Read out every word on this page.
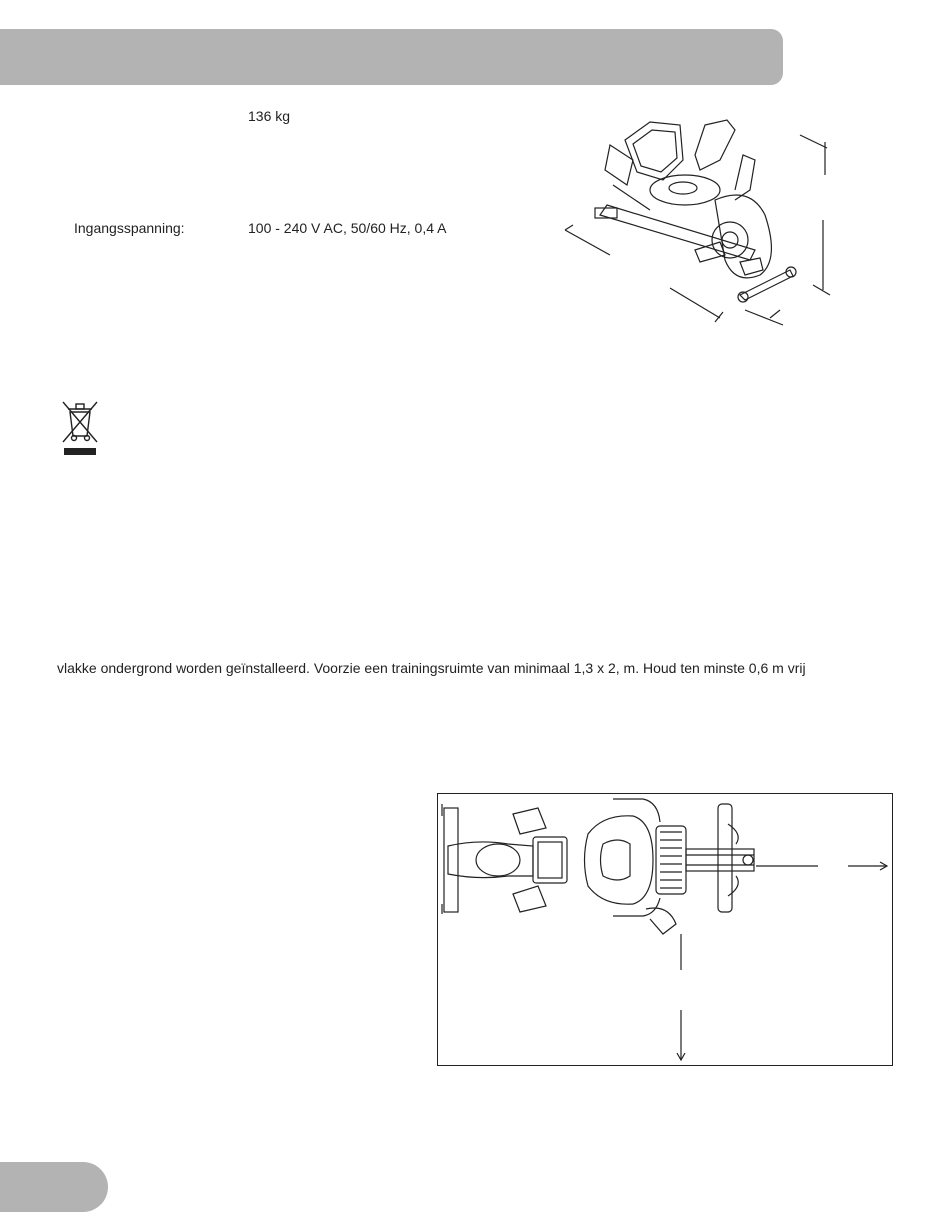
136 kg
Ingangsspanning:	100 - 240 V AC, 50/60 Hz, 0,4 A
vlakke ondergrond worden geïnstalleerd. Voorzie een trainingsruimte van minimaal 1,3 x 2, m. Houd ten minste 0,6 m vrij
